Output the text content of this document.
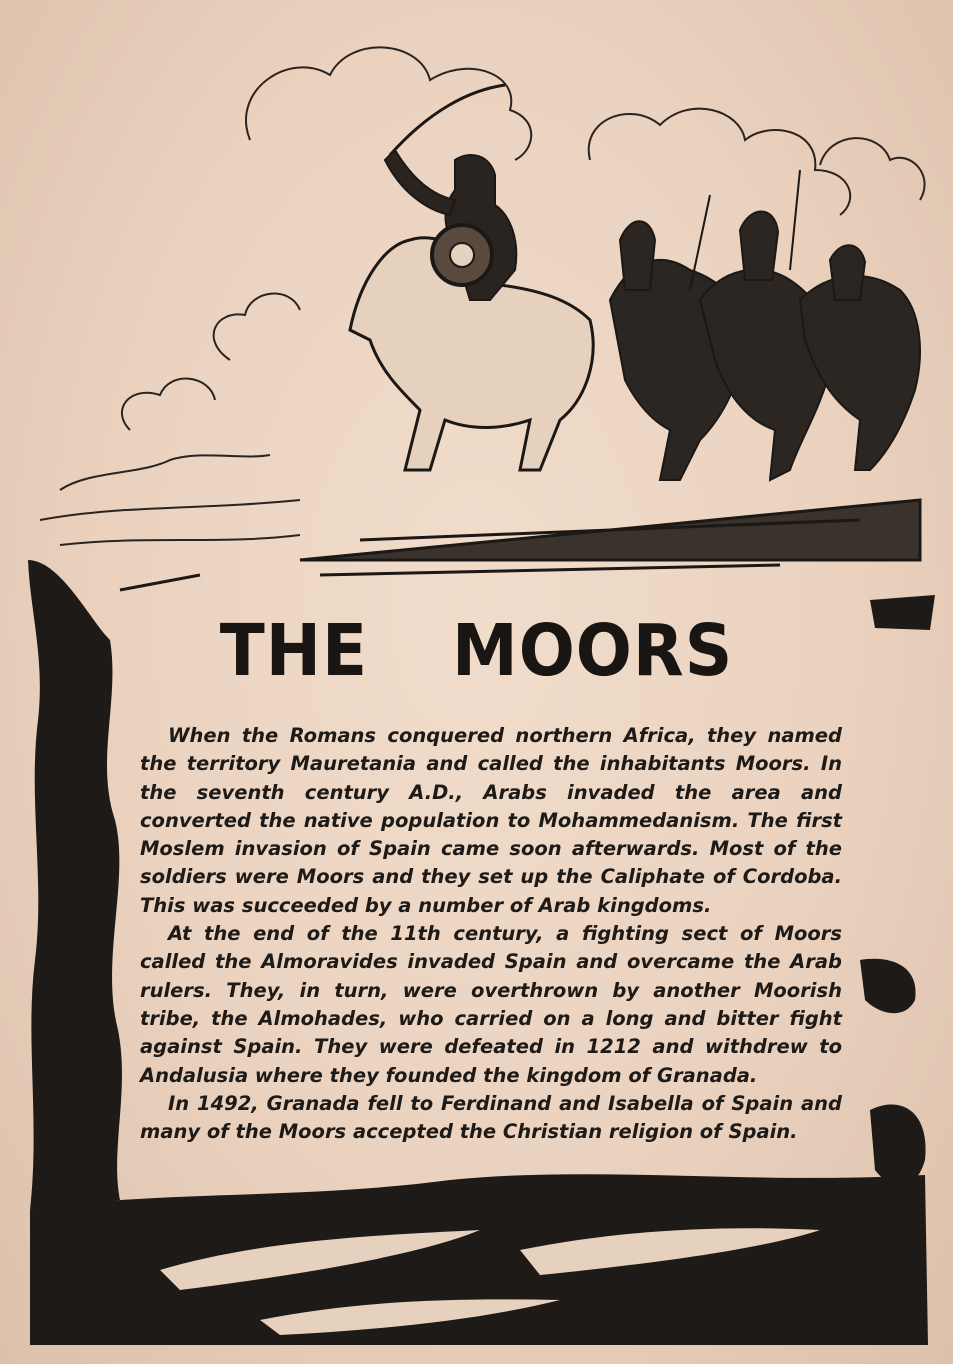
THE MOORS

When the Romans conquered northern Africa, they named the territory Mauretania and called the inhabitants Moors. In the seventh century A.D., Arabs invaded the area and converted the native population to Mohammedanism. The first Moslem invasion of Spain came soon afterwards. Most of the soldiers were Moors and they set up the Caliphate of Cordoba. This was succeeded by a number of Arab kingdoms.

At the end of the 11th century, a fighting sect of Moors called the Almoravides invaded Spain and overcame the Arab rulers. They, in turn, were overthrown by another Moorish tribe, the Almohades, who carried on a long and bitter fight against Spain. They were defeated in 1212 and withdrew to Andalusia where they founded the kingdom of Granada.

In 1492, Granada fell to Ferdinand and Isabella of Spain and many of the Moors accepted the Christian religion of Spain.
